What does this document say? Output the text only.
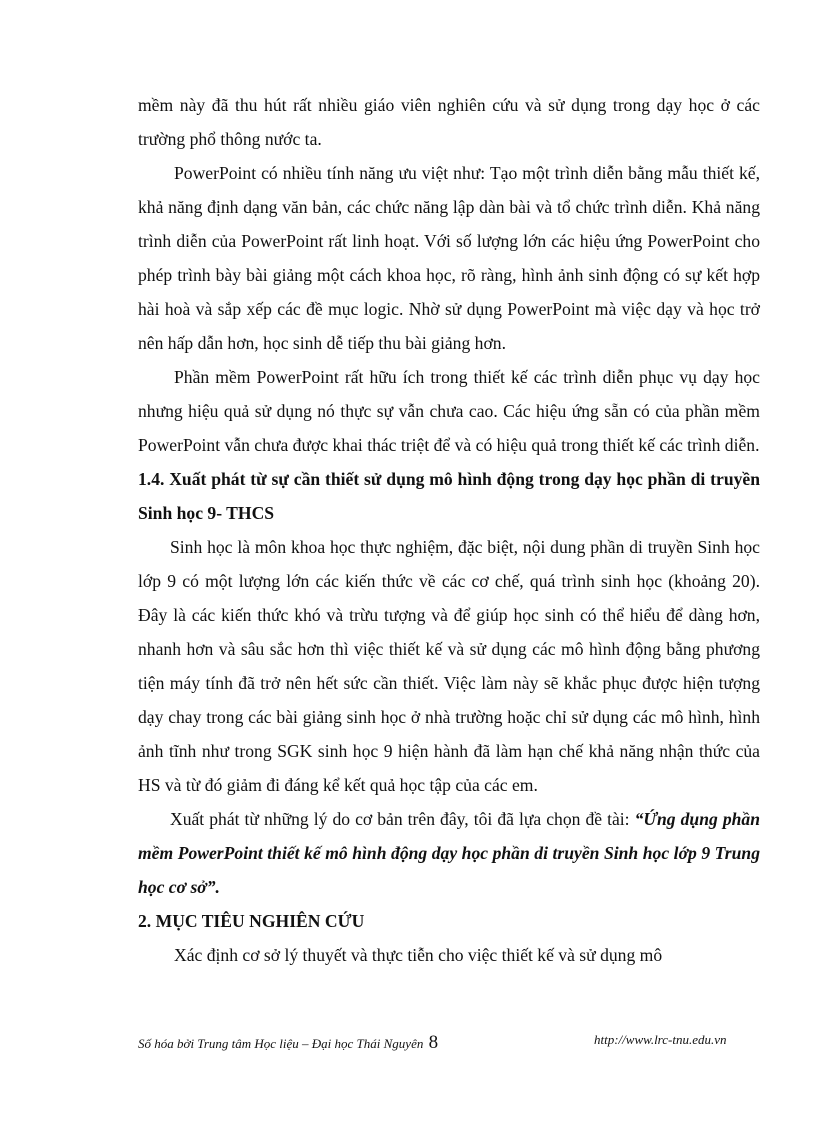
mềm này đã thu hút rất nhiều giáo viên nghiên cứu và sử dụng trong dạy học ở các trường phổ thông nước ta.

PowerPoint có nhiều tính năng ưu việt như: Tạo một trình diễn bằng mẫu thiết kế, khả năng định dạng văn bản, các chức năng lập dàn bài và tổ chức trình diễn. Khả năng trình diễn của PowerPoint rất linh hoạt. Với số lượng lớn các hiệu ứng PowerPoint cho phép trình bày bài giảng một cách khoa học, rõ ràng, hình ảnh sinh động có sự kết hợp hài hoà và sắp xếp các đề mục logic. Nhờ sử dụng PowerPoint mà việc dạy và học trở nên hấp dẫn hơn, học sinh dễ tiếp thu bài giảng hơn.

Phần mềm PowerPoint rất hữu ích trong thiết kế các trình diễn phục vụ dạy học nhưng hiệu quả sử dụng nó thực sự vẫn chưa cao. Các hiệu ứng sẵn có của phần mềm PowerPoint vẫn chưa được khai thác triệt để và có hiệu quả trong thiết kế các trình diễn.

1.4. Xuất phát từ sự cần thiết sử dụng mô hình động trong dạy học phần di truyền Sinh học 9- THCS

Sinh học là môn khoa học thực nghiệm, đặc biệt, nội dung phần di truyền Sinh học lớp 9 có một lượng lớn các kiến thức về các cơ chế, quá trình sinh học (khoảng 20). Đây là các kiến thức khó và trừu tượng và để giúp học sinh có thể hiểu để dàng hơn, nhanh hơn và sâu sắc hơn thì việc thiết kế và sử dụng các mô hình động bằng phương tiện máy tính đã trở nên hết sức cần thiết. Việc làm này sẽ khắc phục được hiện tượng dạy chay trong các bài giảng sinh học ở nhà trường hoặc chỉ sử dụng các mô hình, hình ảnh tĩnh như trong SGK sinh học 9 hiện hành đã làm hạn chế khả năng nhận thức của HS và từ đó giảm đi đáng kể kết quả học tập của các em.

Xuất phát từ những lý do cơ bản trên đây, tôi đã lựa chọn đề tài: “Ứng dụng phần mềm PowerPoint thiết kế mô hình động dạy học phần di truyền Sinh học lớp 9 Trung học cơ sở”.

2. MỤC TIÊU NGHIÊN CỨU

Xác định cơ sở lý thuyết và thực tiễn cho việc thiết kế và sử dụng mô

Số hóa bởi Trung tâm Học liệu – Đại học Thái Nguyên 8	http://www.lrc-tnu.edu.vn
